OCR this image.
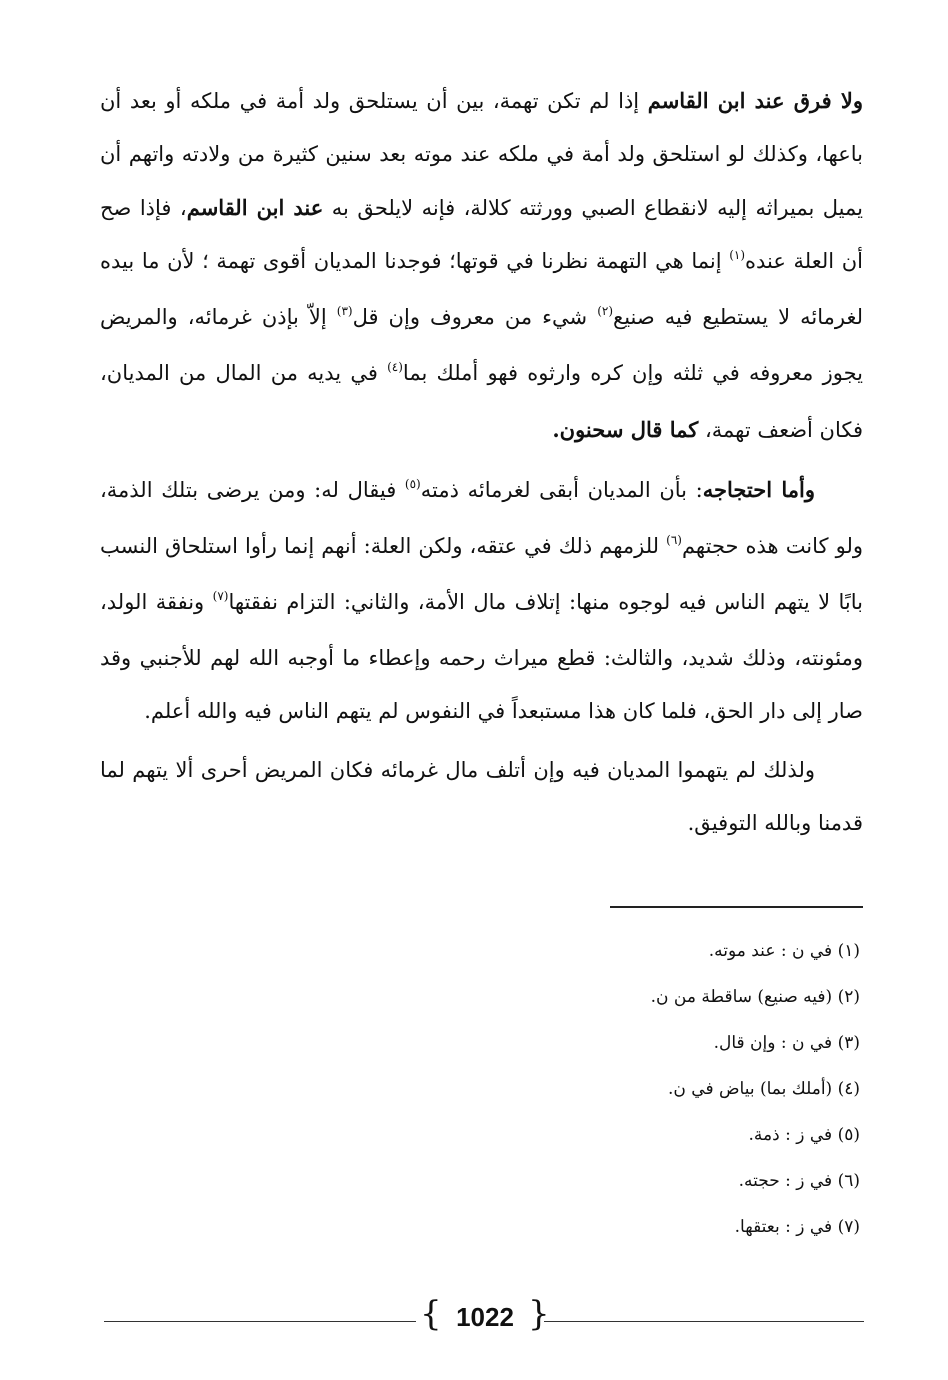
ولا فرق عند ابن القاسم إذا لم تكن تهمة، بين أن يستلحق ولد أمة في ملكه أو بعد أن باعها، وكذلك لو استلحق ولد أمة في ملكه عند موته بعد سنين كثيرة من ولادته واتهم أن يميل بميراثه إليه لانقطاع الصبي وورثته كلالة، فإنه لايلحق به عند ابن القاسم، فإذا صح أن العلة عنده$^{(١)}$ إنما هي التهمة نظرنا في قوتها؛ فوجدنا المديان أقوى تهمة ؛ لأن ما بيده لغرمائه لا يستطيع فيه صنيع$^{(٢)}$ شيء من معروف وإن قل$^{(٣)}$ إلاّ بإذن غرمائه، والمريض يجوز معروفه في ثلثه وإن كره وارثوه فهو أملك بما$^{(٤)}$ في يديه من المال من المديان، فكان أضعف تهمة، كما قال سحنون.

وأما احتجاجه: بأن المديان أبقى لغرمائه ذمته$^{(٥)}$ فيقال له: ومن يرضى بتلك الذمة، ولو كانت هذه حجتهم$^{(٦)}$ للزمهم ذلك في عتقه، ولكن العلة: أنهم إنما رأوا استلحاق النسب بابًا لا يتهم الناس فيه لوجوه منها: إتلاف مال الأمة، والثاني: التزام نفقتها$^{(٧)}$ ونفقة الولد، ومئونته، وذلك شديد، والثالث: قطع ميراث رحمه وإعطاء ما أوجبه الله لهم للأجنبي وقد صار إلى دار الحق، فلما كان هذا مستبعداً في النفوس لم يتهم الناس فيه والله أعلم.

ولذلك لم يتهموا المديان فيه وإن أتلف مال غرمائه فكان المريض أحرى ألا يتهم لما قدمنا وبالله التوفيق.

(١) في ن : عند موته.
(٢) (فيه صنيع) ساقطة من ن.
(٣) في ن : وإن قال.
(٤) (أملك بما) بياض في ن.
(٥) في ز : ذمة.
(٦) في ز : حجته.
(٧) في ز : بعتقها.
{ 1022 }
